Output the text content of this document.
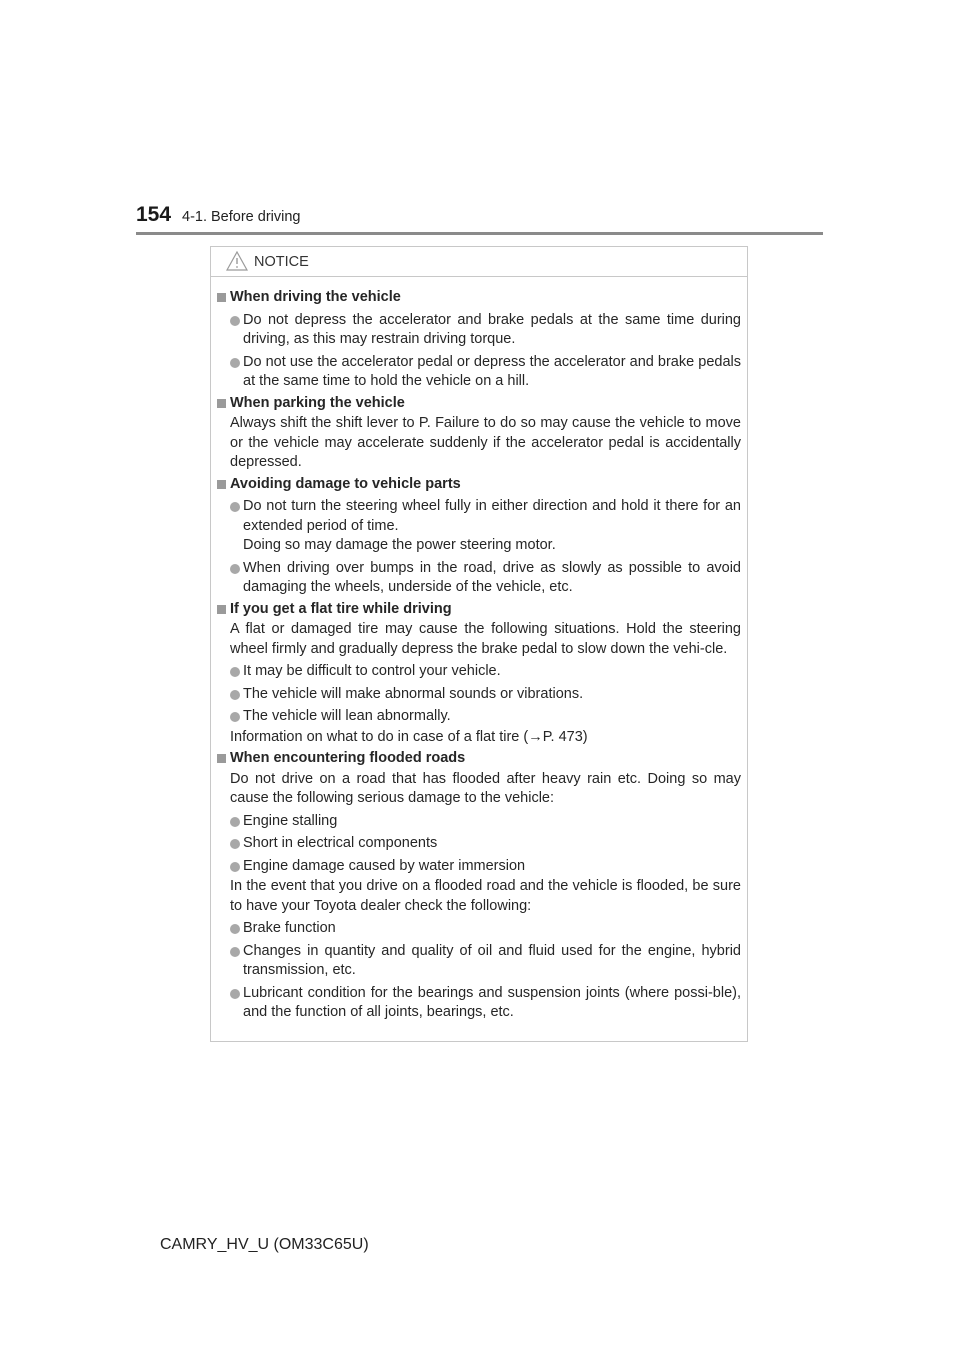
154 4-1. Before driving
NOTICE
When driving the vehicle
Do not depress the accelerator and brake pedals at the same time during driving, as this may restrain driving torque.
Do not use the accelerator pedal or depress the accelerator and brake pedals at the same time to hold the vehicle on a hill.
When parking the vehicle
Always shift the shift lever to P. Failure to do so may cause the vehicle to move or the vehicle may accelerate suddenly if the accelerator pedal is accidentally depressed.
Avoiding damage to vehicle parts
Do not turn the steering wheel fully in either direction and hold it there for an extended period of time.
Doing so may damage the power steering motor.
When driving over bumps in the road, drive as slowly as possible to avoid damaging the wheels, underside of the vehicle, etc.
If you get a flat tire while driving
A flat or damaged tire may cause the following situations. Hold the steering wheel firmly and gradually depress the brake pedal to slow down the vehi-cle.
It may be difficult to control your vehicle.
The vehicle will make abnormal sounds or vibrations.
The vehicle will lean abnormally.
Information on what to do in case of a flat tire (→P. 473)
When encountering flooded roads
Do not drive on a road that has flooded after heavy rain etc. Doing so may cause the following serious damage to the vehicle:
Engine stalling
Short in electrical components
Engine damage caused by water immersion
In the event that you drive on a flooded road and the vehicle is flooded, be sure to have your Toyota dealer check the following:
Brake function
Changes in quantity and quality of oil and fluid used for the engine, hybrid transmission, etc.
Lubricant condition for the bearings and suspension joints (where possi-ble), and the function of all joints, bearings, etc.
CAMRY_HV_U (OM33C65U)
